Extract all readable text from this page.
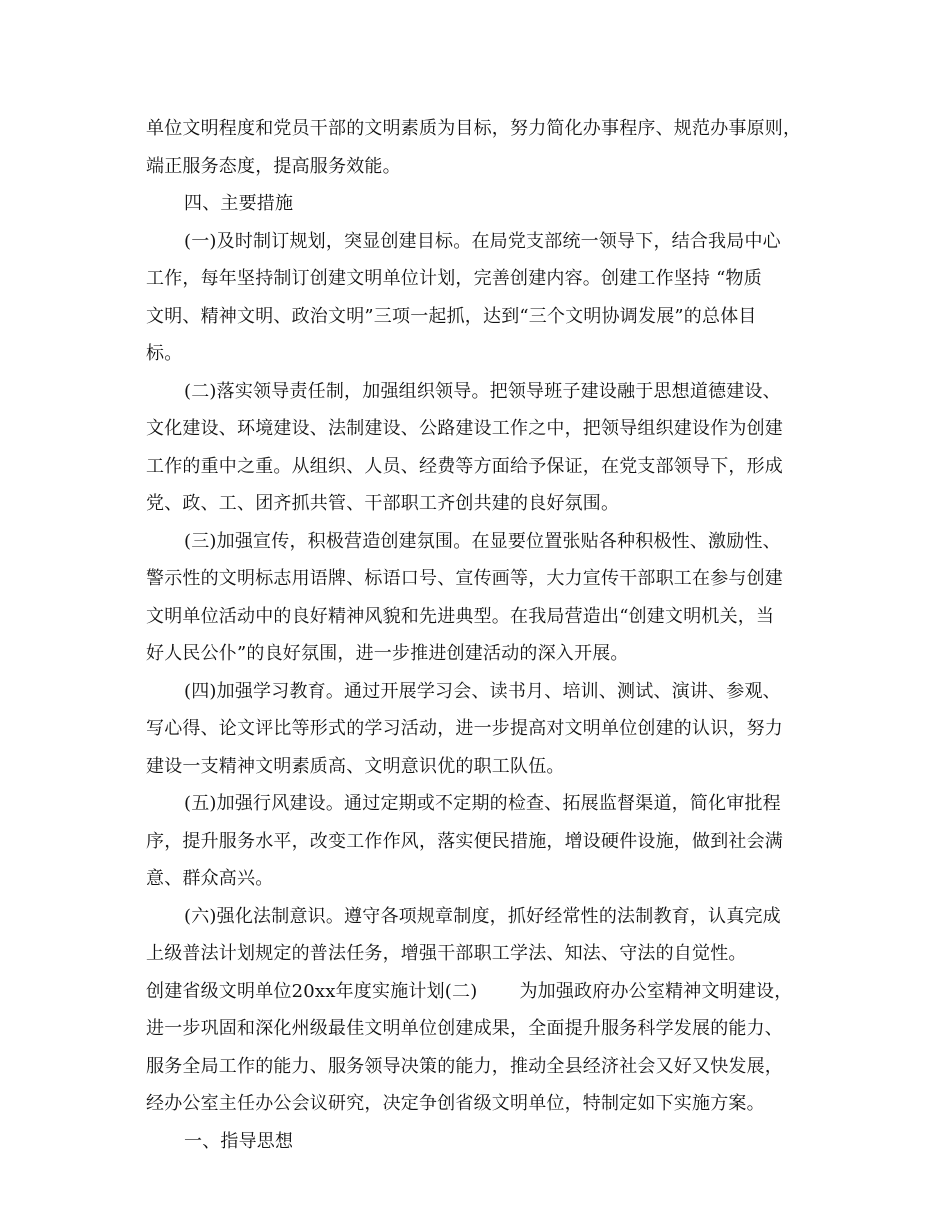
单位文明程度和党员干部的文明素质为目标，努力简化办事程序、规范办事原则，
端正服务态度，提高服务效能。
四、主要措施
(一)及时制订规划，突显创建目标。在局党支部统一领导下，结合我局中心
工作，每年坚持制订创建文明单位计划，完善创建内容。创建工作坚持 “物质
文明、精神文明、政治文明”三项一起抓，达到“三个文明协调发展”的总体目
标。
(二)落实领导责任制，加强组织领导。把领导班子建设融于思想道德建设、
文化建设、环境建设、法制建设、公路建设工作之中，把领导组织建设作为创建
工作的重中之重。从组织、人员、经费等方面给予保证，在党支部领导下，形成
党、政、工、团齐抓共管、干部职工齐创共建的良好氛围。
(三)加强宣传，积极营造创建氛围。在显要位置张贴各种积极性、激励性、
警示性的文明标志用语牌、标语口号、宣传画等，大力宣传干部职工在参与创建
文明单位活动中的良好精神风貌和先进典型。在我局营造出“创建文明机关，当
好人民公仆”的良好氛围，进一步推进创建活动的深入开展。
(四)加强学习教育。通过开展学习会、读书月、培训、测试、演讲、参观、
写心得、论文评比等形式的学习活动，进一步提高对文明单位创建的认识，努力
建设一支精神文明素质高、文明意识优的职工队伍。
(五)加强行风建设。通过定期或不定期的检查、拓展监督渠道，简化审批程
序，提升服务水平，改变工作作风，落实便民措施，增设硬件设施，做到社会满
意、群众高兴。
(六)强化法制意识。遵守各项规章制度，抓好经常性的法制教育，认真完成
上级普法计划规定的普法任务，增强干部职工学法、知法、守法的自觉性。
创建省级文明单位20xx年度实施计划(二) 为加强政府办公室精神文明建设，
进一步巩固和深化州级最佳文明单位创建成果，全面提升服务科学发展的能力、
服务全局工作的能力、服务领导决策的能力，推动全县经济社会又好又快发展，
经办公室主任办公会议研究，决定争创省级文明单位，特制定如下实施方案。
一、指导思想
